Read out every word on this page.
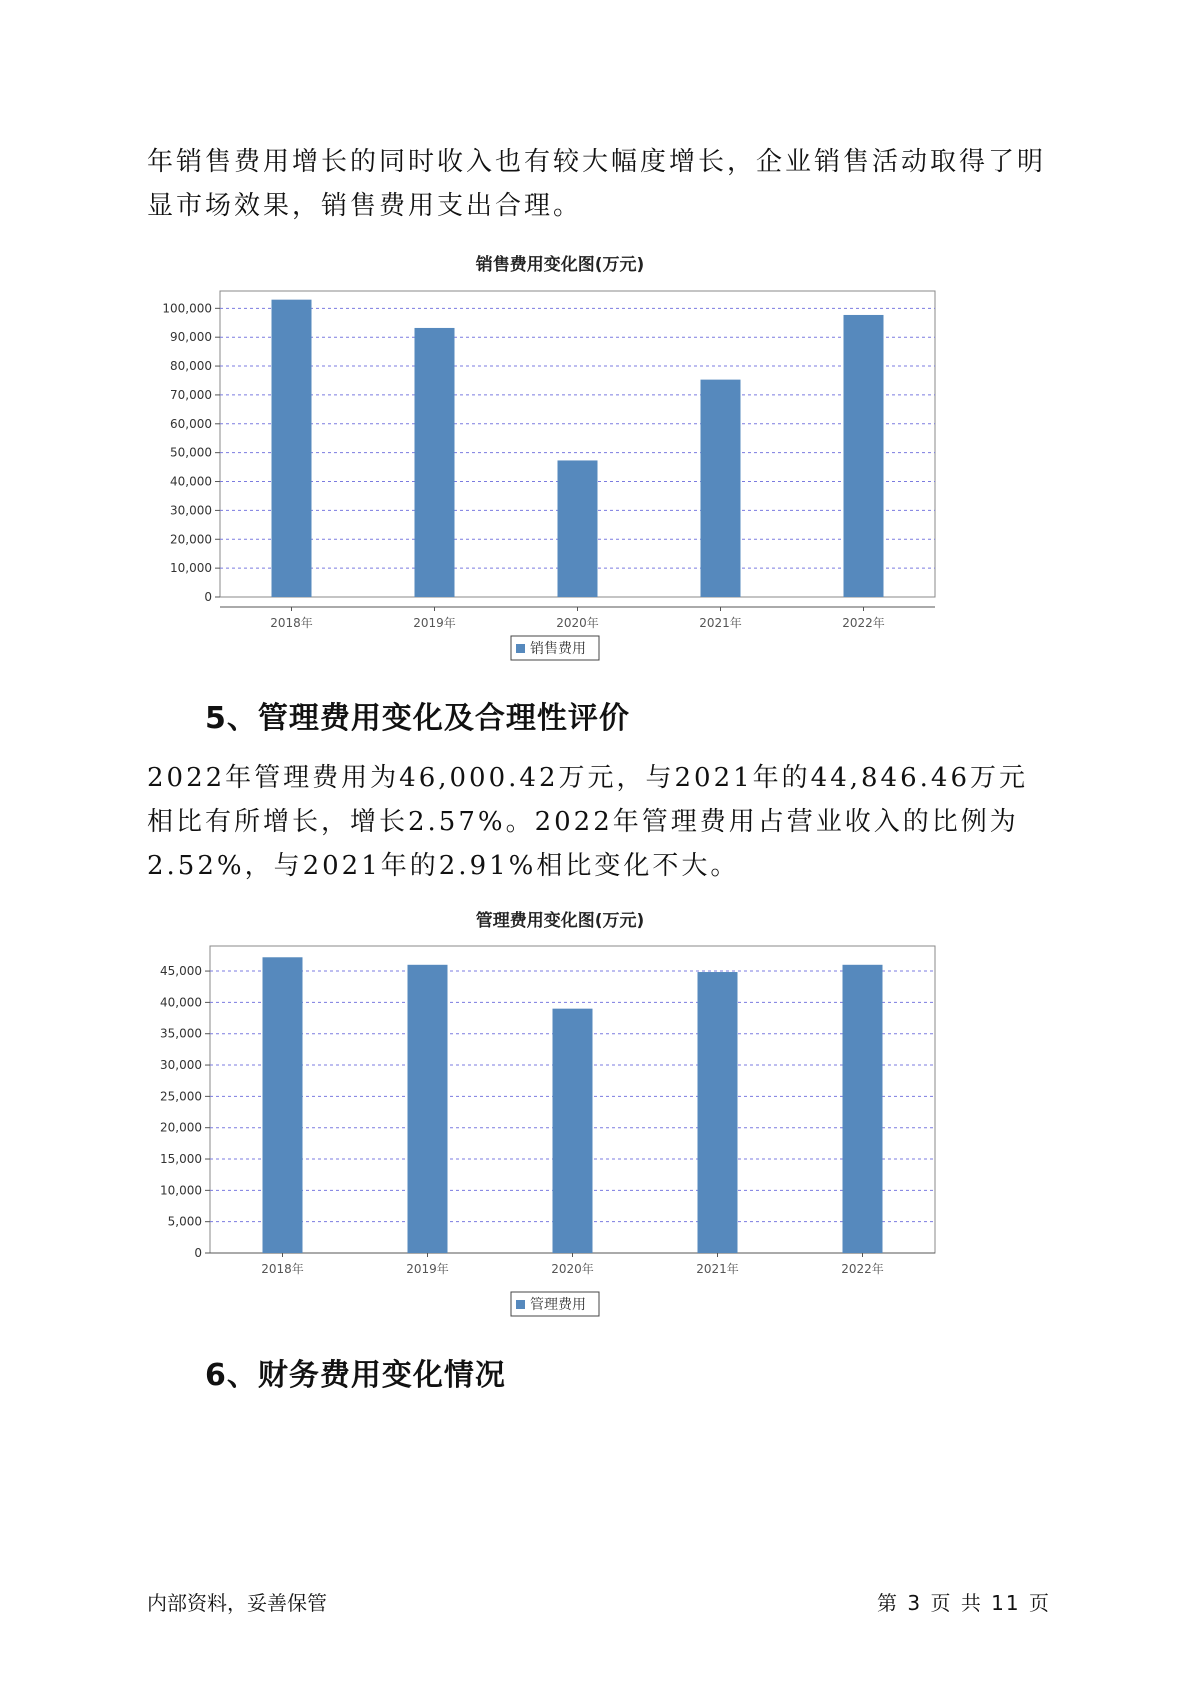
年销售费用增长的同时收入也有较大幅度增长，企业销售活动取得了明显市场效果，销售费用支出合理。

销售费用变化图(万元)
0
10,000
20,000
30,000
40,000
50,000
60,000
70,000
80,000
90,000
100,000
2018年	2019年	2020年	2021年	2022年
销售费用
5、管理费用变化及合理性评价

2022年管理费用为46,000.42万元，与2021年的44,846.46万元相比有所增长，增长2.57%。2022年管理费用占营业收入的比例为2.52%，与2021年的2.91%相比变化不大。

管理费用变化图(万元)
0
5,000
10,000
15,000
20,000
25,000
30,000
35,000
40,000
45,000
2018年	2019年	2020年	2021年	2022年
管理费用
6、财务费用变化情况
内部资料，妥善保管	第 3 页 共 11 页
